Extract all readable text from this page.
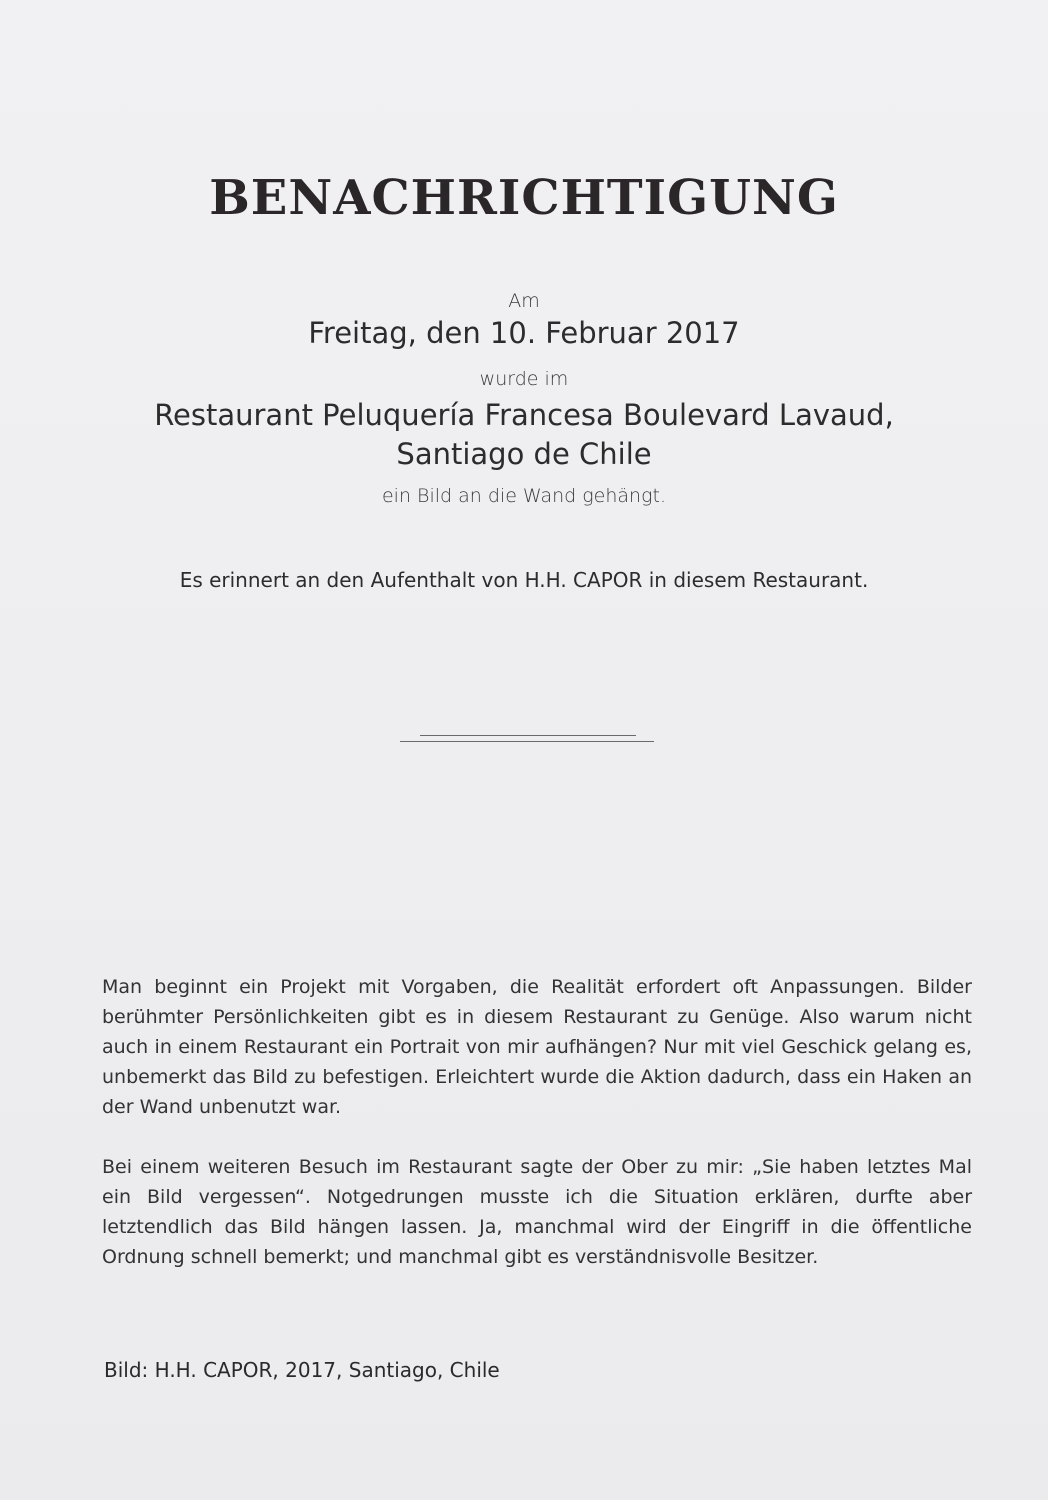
BENACHRICHTIGUNG
Am
Freitag, den 10. Februar 2017
wurde im
Restaurant Peluquería Francesa Boulevard Lavaud,
Santiago de Chile
ein Bild an die Wand gehängt.
Es erinnert an den Aufenthalt von H.H. CAPOR in diesem Restaurant.
Man beginnt ein Projekt mit Vorgaben, die Realität erfordert oft Anpassungen. Bilder berühmter Persönlichkeiten gibt es in diesem Restaurant zu Genüge. Also warum nicht auch in einem Restaurant ein Portrait von mir aufhängen? Nur mit viel Geschick gelang es, unbemerkt das Bild zu befestigen. Erleichtert wurde die Aktion dadurch, dass ein Haken an der Wand unbenutzt war.
Bei einem weiteren Besuch im Restaurant sagte der Ober zu mir: „Sie haben letztes Mal ein Bild vergessen“. Notgedrungen musste ich die Situation erklären, durfte aber letztendlich das Bild hängen lassen. Ja, manchmal wird der Eingriff in die öffentliche Ordnung schnell bemerkt; und manchmal gibt es verständnisvolle Besitzer.
Bild: H.H. CAPOR, 2017, Santiago, Chile
